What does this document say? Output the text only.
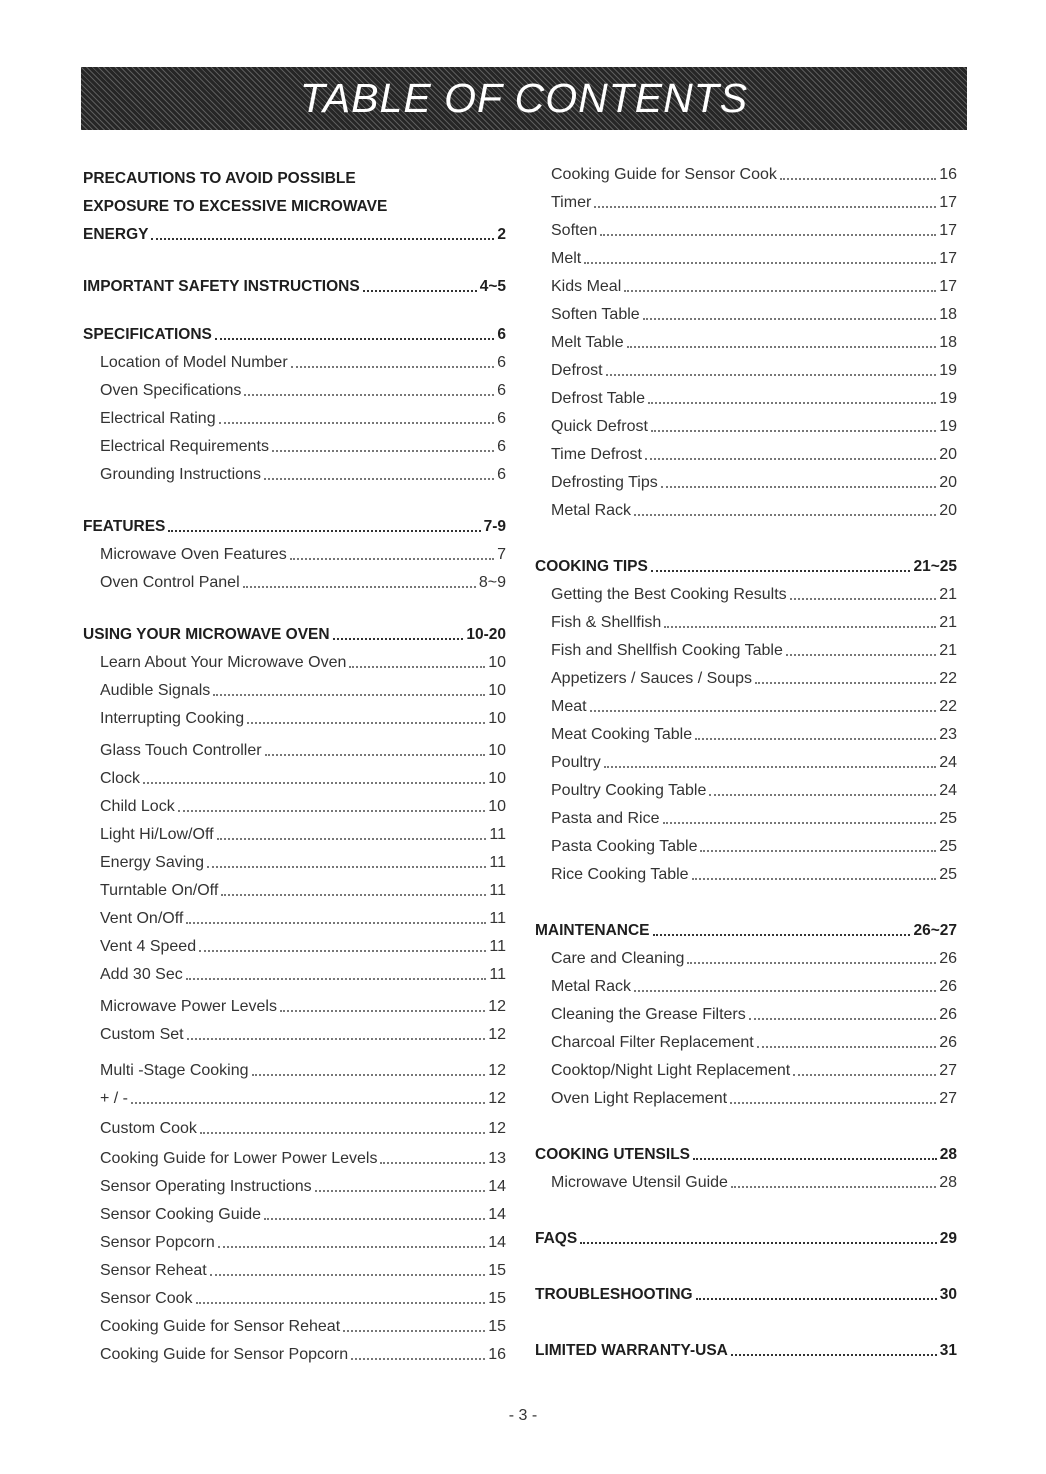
TABLE OF CONTENTS
PRECAUTIONS TO AVOID POSSIBLE
EXPOSURE TO EXCESSIVE MICROWAVE
ENERGY	2
IMPORTANT SAFETY INSTRUCTIONS	4~5
SPECIFICATIONS	6
Location of Model Number	6
Oven Specifications	6
Electrical Rating	6
Electrical Requirements	6
Grounding Instructions	6
FEATURES	7-9
Microwave Oven Features	7
Oven Control Panel	8~9
USING YOUR MICROWAVE OVEN	10-20
Learn About Your Microwave Oven	10
Audible Signals	10
Interrupting Cooking	10
Glass Touch Controller	10
Clock	10
Child Lock	10
Light Hi/Low/Off	11
Energy Saving	11
Turntable On/Off	11
Vent On/Off	11
Vent 4 Speed	11
Add 30 Sec	11
Microwave Power Levels	12
Custom Set	12
Multi -Stage Cooking	12
+ / -	12
Custom Cook	12
Cooking Guide for Lower Power Levels	13
Sensor Operating Instructions	14
Sensor Cooking Guide	14
Sensor Popcorn	14
Sensor Reheat	15
Sensor Cook	15
Cooking Guide for Sensor Reheat	15
Cooking Guide for Sensor Popcorn	16
Cooking Guide for Sensor Cook	16
Timer	17
Soften	17
Melt	17
Kids Meal	17
Soften Table	18
Melt Table	18
Defrost	19
Defrost Table	19
Quick Defrost	19
Time Defrost	20
Defrosting Tips	20
Metal Rack	20
COOKING TIPS	21~25
Getting the Best Cooking Results	21
Fish & Shellfish	21
Fish and Shellfish Cooking Table	21
Appetizers / Sauces / Soups	22
Meat	22
Meat Cooking Table	23
Poultry	24
Poultry Cooking Table	24
Pasta and Rice	25
Pasta Cooking Table	25
Rice Cooking Table	25
MAINTENANCE	26~27
Care and Cleaning	26
Metal Rack	26
Cleaning the Grease Filters	26
Charcoal Filter Replacement	26
Cooktop/Night Light Replacement	27
Oven Light Replacement	27
COOKING UTENSILS	28
Microwave Utensil Guide	28
FAQS	29
TROUBLESHOOTING	30
LIMITED WARRANTY-USA	31
- 3 -
